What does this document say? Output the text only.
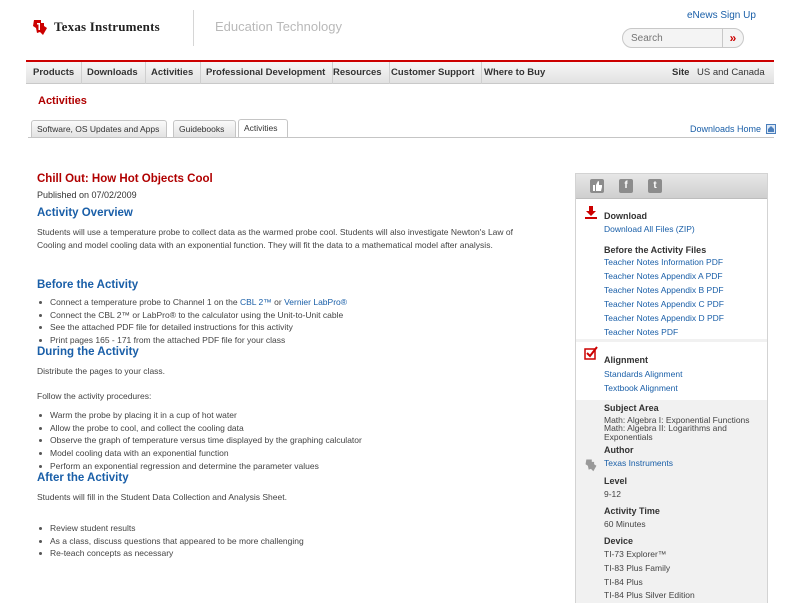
Texas Instruments	Education Technology
eNews Sign Up
Search
»
Products	Downloads	Activities	Professional Development Resources Customer Support	Where to Buy	Site US and Canada
Activities
Software, OS Updates and Apps	Guidebooks	Activities	Downloads Home
Chill Out: How Hot Objects Cool
Published on 07/02/2009
Activity Overview
Students will use a temperature probe to collect data as the warmed probe cool. Students will also investigate Newton's Law of Cooling and model cooling data with an exponential function. They will fit the data to a mathematical model after analysis.
Before the Activity
Connect a temperature probe to Channel 1 on the CBL 2™ or Vernier LabPro®
Connect the CBL 2™ or LabPro® to the calculator using the Unit-to-Unit cable
See the attached PDF file for detailed instructions for this activity
Print pages 165 - 171 from the attached PDF file for your class
During the Activity
Distribute the pages to your class.
Follow the activity procedures:
Warm the probe by placing it in a cup of hot water
Allow the probe to cool, and collect the cooling data
Observe the graph of temperature versus time displayed by the graphing calculator
Model cooling data with an exponential function
Perform an exponential regression and determine the parameter values
After the Activity
Students will fill in the Student Data Collection and Analysis Sheet.
Review student results
As a class, discuss questions that appeared to be more challenging
Re-teach concepts as necessary
f	t
Download
Download All Files (ZIP)
Before the Activity Files
Teacher Notes Information PDF
Teacher Notes Appendix A PDF
Teacher Notes Appendix B PDF
Teacher Notes Appendix C PDF
Teacher Notes Appendix D PDF
Teacher Notes PDF
Alignment
Standards Alignment
Textbook Alignment
Subject Area
Math: Algebra I: Exponential Functions
Math: Algebra II: Logarithms and Exponentials
Author
Texas Instruments
Level
9-12
Activity Time
60 Minutes
Device
TI-73 Explorer™
TI-83 Plus Family
TI-84 Plus
TI-84 Plus Silver Edition
